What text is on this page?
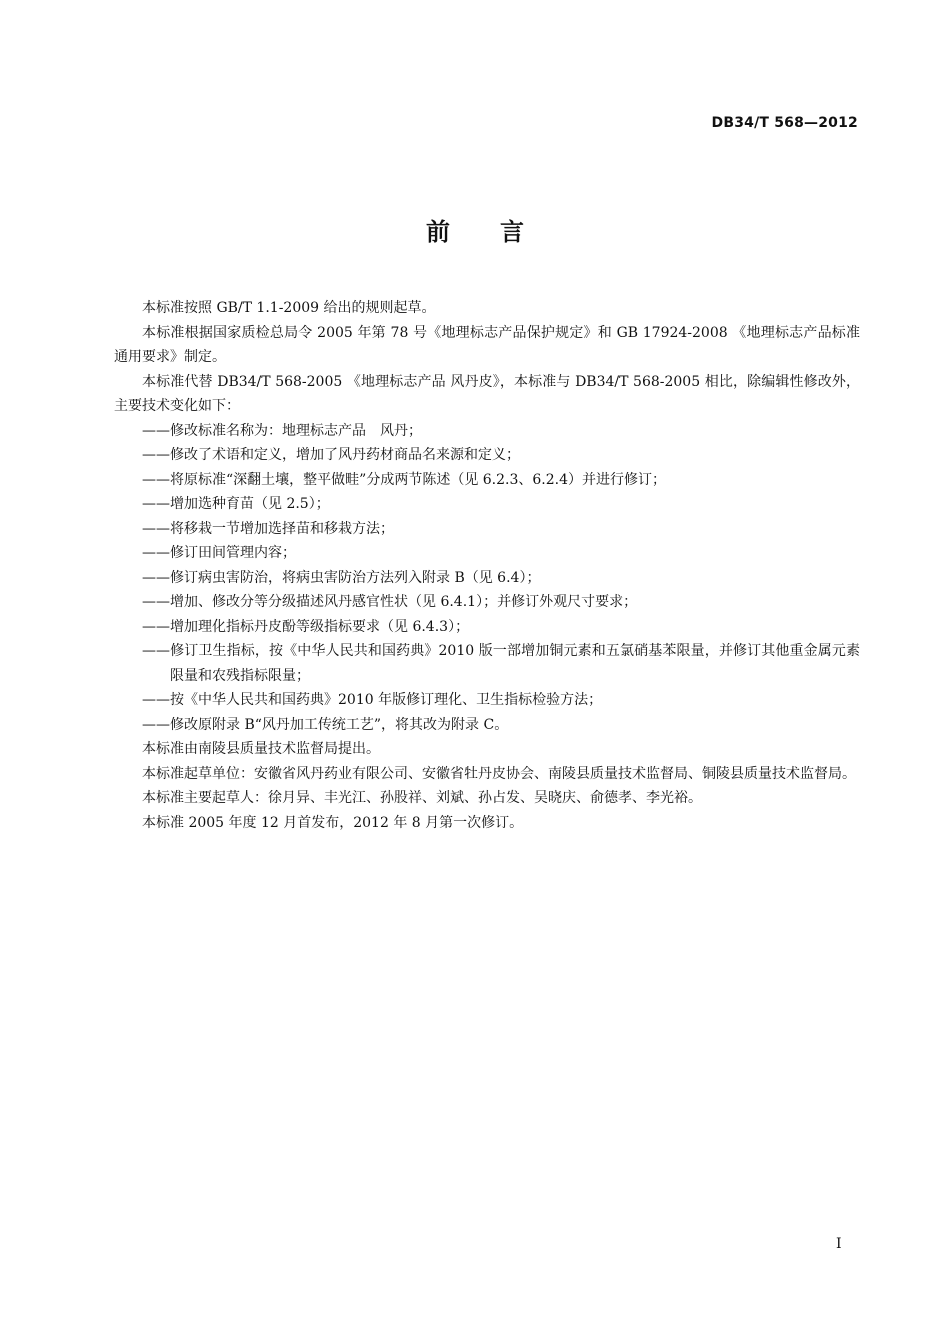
DB34/T 568—2012
前言

本标准按照 GB/T 1.1-2009 给出的规则起草。

本标准根据国家质检总局令 2005 年第 78 号《地理标志产品保护规定》和 GB 17924-2008 《地理标志产品标准通用要求》制定。

本标准代替 DB34/T 568-2005 《地理标志产品 风丹皮》，本标准与 DB34/T 568-2005 相比，除编辑性修改外，主要技术变化如下：

——修改标准名称为：地理标志产品　风丹；

——修改了术语和定义，增加了风丹药材商品名来源和定义；

——将原标准“深翻土壤，整平做畦”分成两节陈述（见 6.2.3、6.2.4）并进行修订；

——增加选种育苗（见 2.5）；

——将移栽一节增加选择苗和移栽方法；

——修订田间管理内容；

——修订病虫害防治，将病虫害防治方法列入附录 B（见 6.4）；

——增加、修改分等分级描述风丹感官性状（见 6.4.1）；并修订外观尺寸要求；

——增加理化指标丹皮酚等级指标要求（见 6.4.3）；

——修订卫生指标，按《中华人民共和国药典》2010 版一部增加铜元素和五氯硝基苯限量，并修订其他重金属元素限量和农残指标限量；

——按《中华人民共和国药典》2010 年版修订理化、卫生指标检验方法；

——修改原附录 B“风丹加工传统工艺”，将其改为附录 C。

本标准由南陵县质量技术监督局提出。

本标准起草单位：安徽省风丹药业有限公司、安徽省牡丹皮协会、南陵县质量技术监督局、铜陵县质量技术监督局。

本标准主要起草人：徐月异、丰光江、孙股祥、刘斌、孙占发、吴晓庆、俞德孝、李光裕。

本标准 2005 年度 12 月首发布，2012 年 8 月第一次修订。

I
